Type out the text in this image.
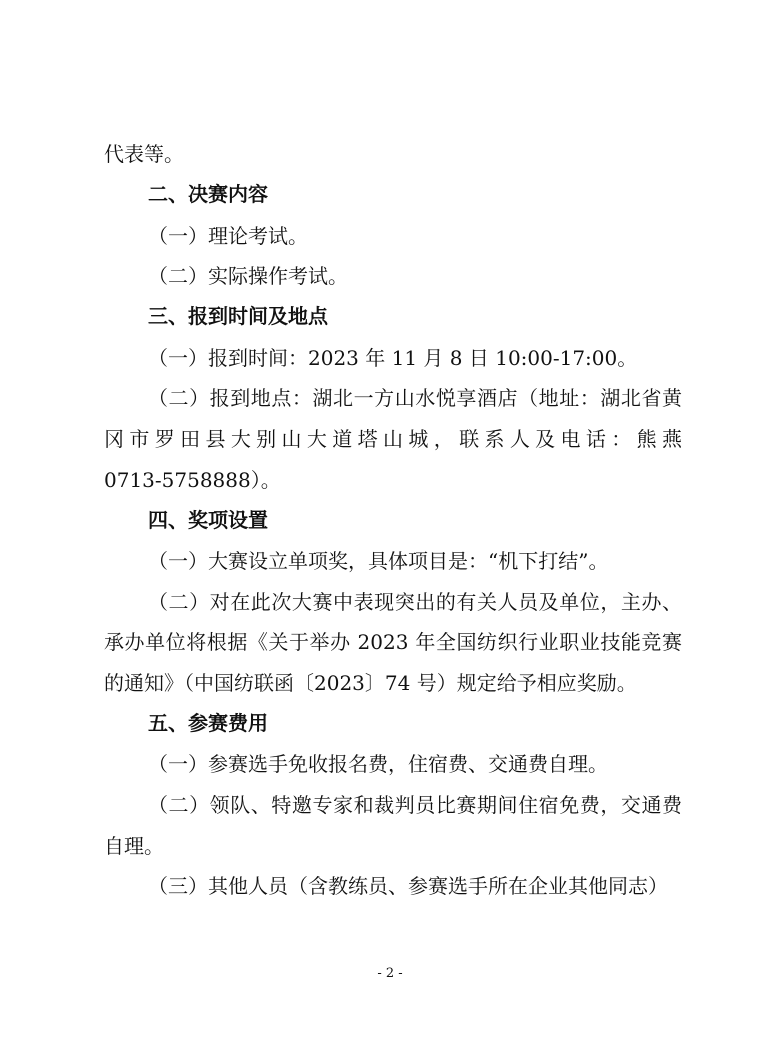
代表等。
二、决赛内容
（一）理论考试。
（二）实际操作考试。
三、报到时间及地点
（一）报到时间：2023 年 11 月 8 日 10:00-17:00。
（二）报到地点：湖北一方山水悦享酒店（地址：湖北省黄
冈市罗田县大别山大道塔山城，联系人及电话：熊燕
0713-5758888）。
四、奖项设置
（一）大赛设立单项奖，具体项目是：“机下打结”。
（二）对在此次大赛中表现突出的有关人员及单位，主办、
承办单位将根据《关于举办 2023 年全国纺织行业职业技能竞赛
的通知》（中国纺联函〔2023〕74 号）规定给予相应奖励。
五、参赛费用
（一）参赛选手免收报名费，住宿费、交通费自理。
（二）领队、特邀专家和裁判员比赛期间住宿免费，交通费
自理。
（三）其他人员（含教练员、参赛选手所在企业其他同志）
- 2 -
